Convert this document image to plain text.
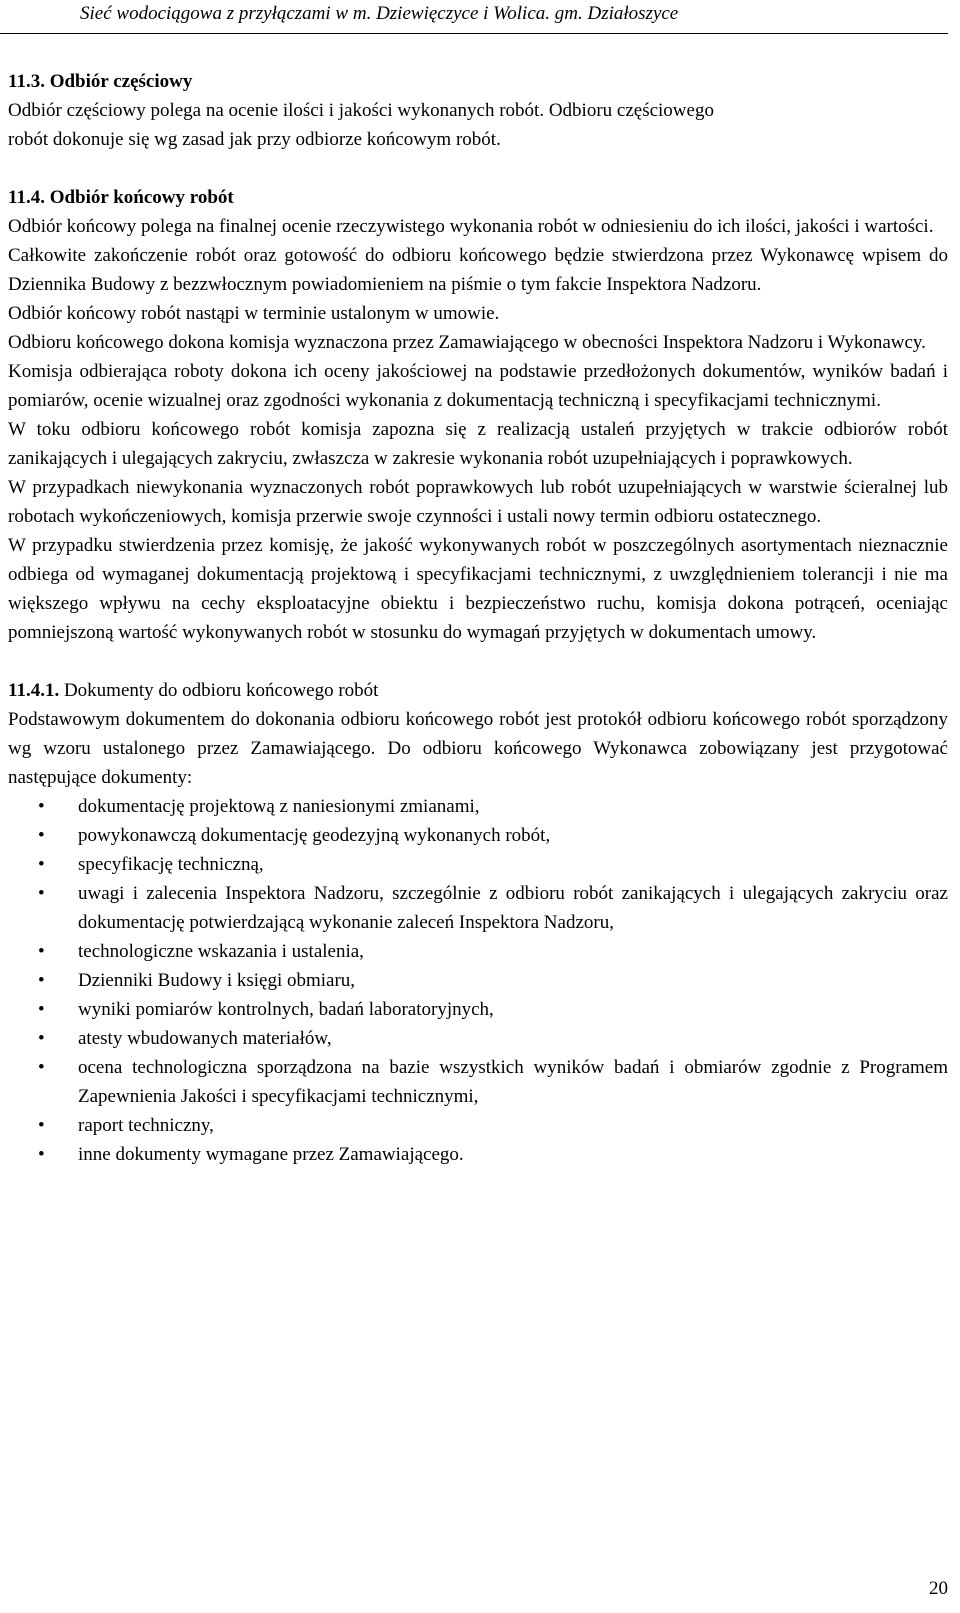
Sieć wodociągowa z przyłączami w m. Dziewięczyce i Wolica. gm. Działoszyce

11.3. Odbiór częściowy

Odbiór częściowy polega na ocenie ilości i jakości wykonanych robót. Odbioru częściowego

robót dokonuje się wg zasad jak przy odbiorze końcowym robót.

11.4. Odbiór końcowy robót

Odbiór końcowy polega na finalnej ocenie rzeczywistego wykonania robót w odniesieniu do ich ilości, jakości i wartości.

Całkowite zakończenie robót oraz gotowość do odbioru końcowego będzie stwierdzona przez Wykonawcę wpisem do Dziennika Budowy z bezzwłocznym powiadomieniem na piśmie o tym fakcie Inspektora Nadzoru.

Odbiór końcowy robót nastąpi w terminie ustalonym w umowie.

Odbioru końcowego dokona komisja wyznaczona przez Zamawiającego w obecności Inspektora Nadzoru i Wykonawcy.

Komisja odbierająca roboty dokona ich oceny jakościowej na podstawie przedłożonych dokumentów, wyników badań i pomiarów, ocenie wizualnej oraz zgodności wykonania z dokumentacją techniczną i specyfikacjami technicznymi.

W toku odbioru końcowego robót komisja zapozna się z realizacją ustaleń przyjętych w trakcie odbiorów robót zanikających i ulegających zakryciu, zwłaszcza w zakresie wykonania robót uzupełniających i poprawkowych.

W przypadkach niewykonania wyznaczonych robót poprawkowych lub robót uzupełniających w warstwie ścieralnej lub robotach wykończeniowych, komisja przerwie swoje czynności i ustali nowy termin odbioru ostatecznego.

W przypadku stwierdzenia przez komisję, że jakość wykonywanych robót w poszczególnych asortymentach nieznacznie odbiega od wymaganej dokumentacją projektową i specyfikacjami technicznymi, z uwzględnieniem tolerancji i nie ma większego wpływu na cechy eksploatacyjne obiektu i bezpieczeństwo ruchu, komisja dokona potrąceń, oceniając pomniejszoną wartość wykonywanych robót w stosunku do wymagań przyjętych w dokumentach umowy.

11.4.1. Dokumenty do odbioru końcowego robót

Podstawowym dokumentem do dokonania odbioru końcowego robót jest protokół odbioru końcowego robót sporządzony wg wzoru ustalonego przez Zamawiającego. Do odbioru końcowego Wykonawca zobowiązany jest przygotować następujące dokumenty:

• dokumentację projektową z naniesionymi zmianami,
• powykonawczą dokumentację geodezyjną wykonanych robót,
• specyfikację techniczną,
• uwagi i zalecenia Inspektora Nadzoru, szczególnie z odbioru robót zanikających i ulegających zakryciu oraz dokumentację potwierdzającą wykonanie zaleceń Inspektora Nadzoru,
• technologiczne wskazania i ustalenia,
• Dzienniki Budowy i księgi obmiaru,
• wyniki pomiarów kontrolnych, badań laboratoryjnych,
• atesty wbudowanych materiałów,
• ocena technologiczna sporządzona na bazie wszystkich wyników badań i obmiarów zgodnie z Programem Zapewnienia Jakości i specyfikacjami technicznymi,
• raport techniczny,
• inne dokumenty wymagane przez Zamawiającego.
20
